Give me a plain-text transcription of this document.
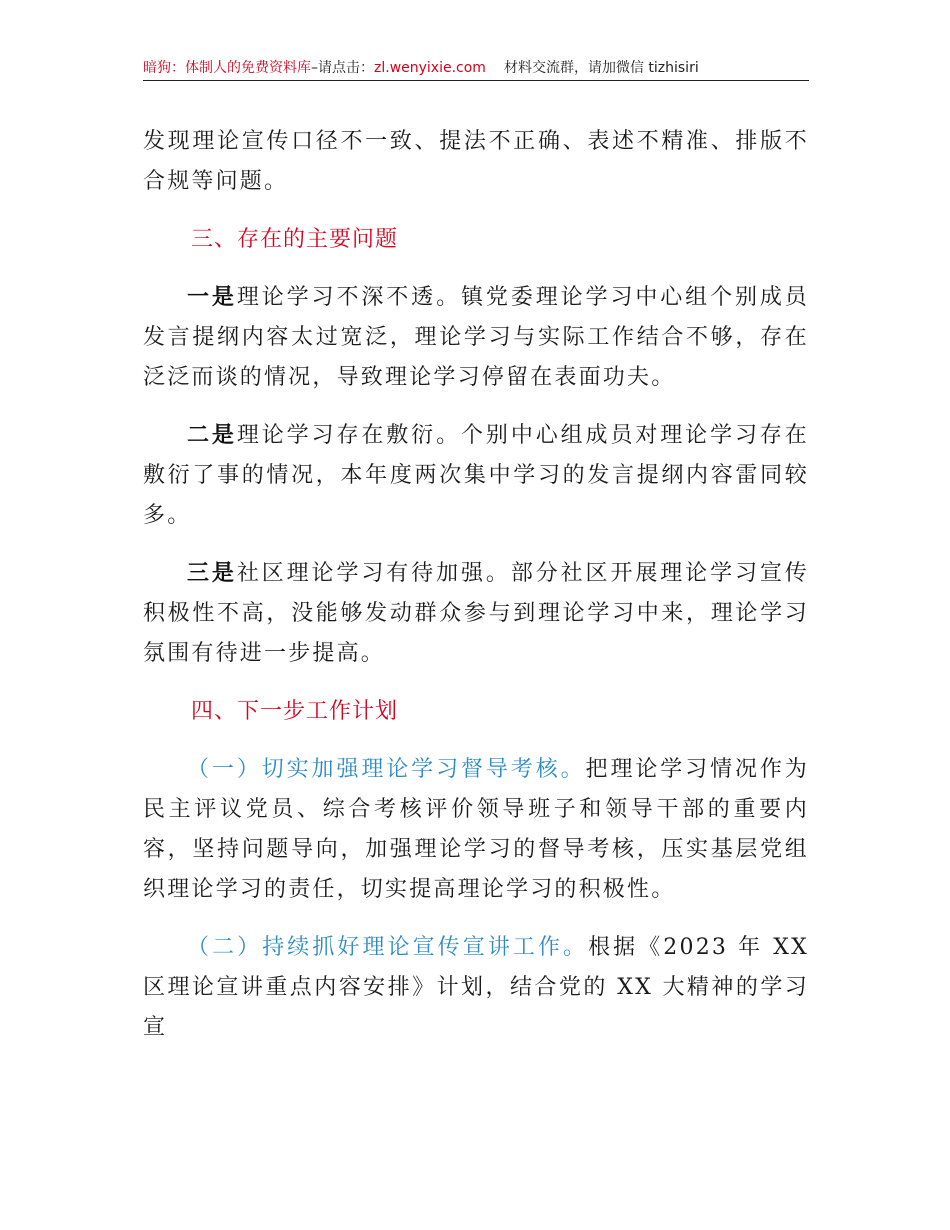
暗狗：体制人的免费资料库–请点击：zl.wenyixie.com 材料交流群，请加微信 tizhisiri

发现理论宣传口径不一致、提法不正确、表述不精准、排版不合规等问题。

三、存在的主要问题

一是理论学习不深不透。镇党委理论学习中心组个别成员发言提纲内容太过宽泛，理论学习与实际工作结合不够，存在泛泛而谈的情况，导致理论学习停留在表面功夫。

二是理论学习存在敷衍。个别中心组成员对理论学习存在敷衍了事的情况，本年度两次集中学习的发言提纲内容雷同较多。

三是社区理论学习有待加强。部分社区开展理论学习宣传积极性不高，没能够发动群众参与到理论学习中来，理论学习氛围有待进一步提高。

四、下一步工作计划

（一）切实加强理论学习督导考核。把理论学习情况作为民主评议党员、综合考核评价领导班子和领导干部的重要内容，坚持问题导向，加强理论学习的督导考核，压实基层党组织理论学习的责任，切实提高理论学习的积极性。

（二）持续抓好理论宣传宣讲工作。根据《2023 年 XX 区理论宣讲重点内容安排》计划，结合党的 XX 大精神的学习宣
